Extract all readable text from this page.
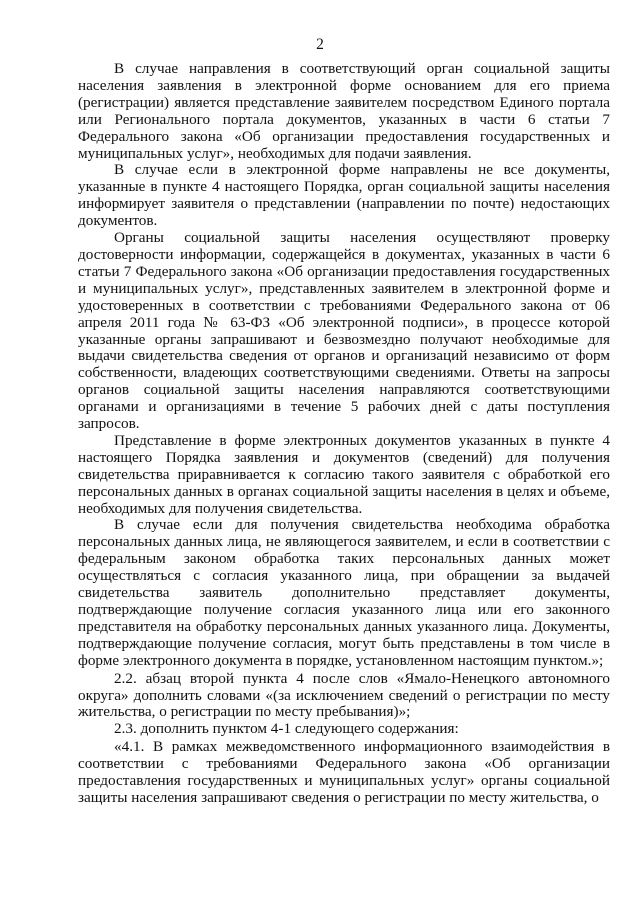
2

В случае направления в соответствующий орган социальной защиты населения заявления в электронной форме основанием для его приема (регистрации) является представление заявителем посредством Единого портала или Регионального портала документов, указанных в части 6 статьи 7 Федерального закона «Об организации предоставления государственных и муниципальных услуг», необходимых для подачи заявления.

В случае если в электронной форме направлены не все документы, указанные в пункте 4 настоящего Порядка, орган социальной защиты населения информирует заявителя о представлении (направлении по почте) недостающих документов.

Органы социальной защиты населения осуществляют проверку достоверности информации, содержащейся в документах, указанных в части 6 статьи 7 Федерального закона «Об организации предоставления государственных и муниципальных услуг», представленных заявителем в электронной форме и удостоверенных в соответствии с требованиями Федерального закона от 06 апреля 2011 года № 63-ФЗ «Об электронной подписи», в процессе которой указанные органы запрашивают и безвозмездно получают необходимые для выдачи свидетельства сведения от органов и организаций независимо от форм собственности, владеющих соответствующими сведениями. Ответы на запросы органов социальной защиты населения направляются соответствующими органами и организациями в течение 5 рабочих дней с даты поступления запросов.

Представление в форме электронных документов указанных в пункте 4 настоящего Порядка заявления и документов (сведений) для получения свидетельства приравнивается к согласию такого заявителя с обработкой его персональных данных в органах социальной защиты населения в целях и объеме, необходимых для получения свидетельства.

В случае если для получения свидетельства необходима обработка персональных данных лица, не являющегося заявителем, и если в соответствии с федеральным законом обработка таких персональных данных может осуществляться с согласия указанного лица, при обращении за выдачей свидетельства заявитель дополнительно представляет документы, подтверждающие получение согласия указанного лица или его законного представителя на обработку персональных данных указанного лица. Документы, подтверждающие получение согласия, могут быть представлены в том числе в форме электронного документа в порядке, установленном настоящим пунктом.»;

2.2. абзац второй пункта 4 после слов «Ямало-Ненецкого автономного округа» дополнить словами «(за исключением сведений о регистрации по месту жительства, о регистрации по месту пребывания)»;

2.3. дополнить пунктом 4-1 следующего содержания:

«4.1. В рамках межведомственного информационного взаимодействия в соответствии с требованиями Федерального закона «Об организации предоставления государственных и муниципальных услуг» органы социальной защиты населения запрашивают сведения о регистрации по месту жительства, о
